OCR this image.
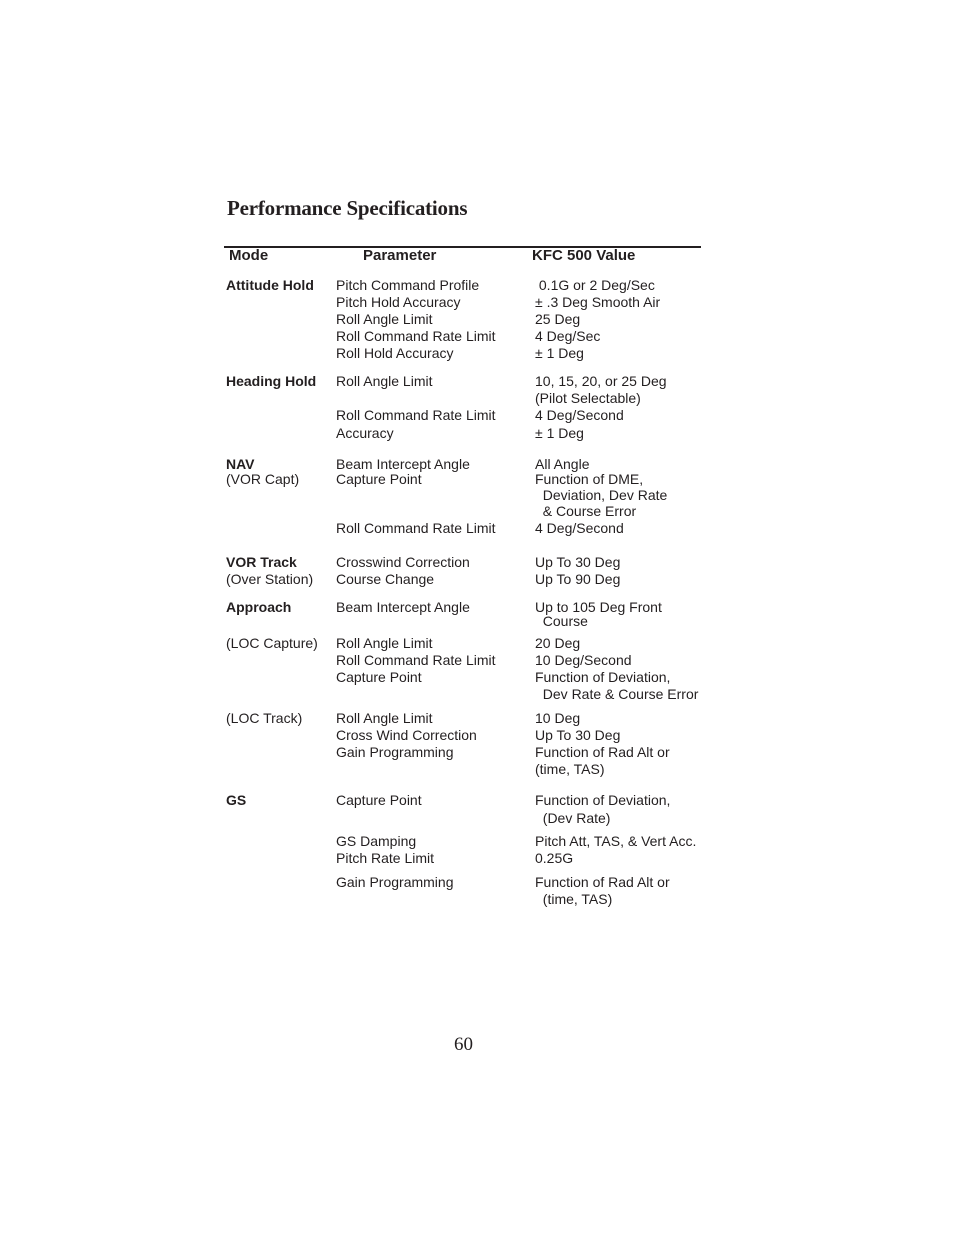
Performance Specifications
Mode	Parameter	KFC 500 Value
Attitude Hold
Heading Hold
NAV
(VOR Capt)
VOR Track
(Over Station)
Approach
(LOC Capture)
(LOC Track)
GS
Pitch Command Profile
Pitch Hold Accuracy
Roll Angle Limit
Roll Command Rate Limit
Roll Hold Accuracy
Roll Angle Limit
Roll Command Rate Limit
Accuracy
Beam Intercept Angle
Capture Point
Roll Command Rate Limit
Crosswind Correction
Course Change
Beam Intercept Angle
Roll Angle Limit
Roll Command Rate Limit
Capture Point
Roll Angle Limit
Cross Wind Correction
Gain Programming
Capture Point
GS Damping
Pitch Rate Limit
Gain Programming
0.1G or 2 Deg/Sec
± .3 Deg Smooth Air
25 Deg
4 Deg/Sec
± 1 Deg
10, 15, 20, or 25 Deg
(Pilot Selectable)
4 Deg/Second
± 1 Deg
All Angle
Function of DME,
Deviation, Dev Rate
& Course Error
4 Deg/Second
Up To 30 Deg
Up To 90 Deg
Up to 105 Deg Front
Course
20 Deg
10 Deg/Second
Function of Deviation,
Dev Rate & Course Error
10 Deg
Up To 30 Deg
Function of Rad Alt or
(time, TAS)
Function of Deviation,
(Dev Rate)
Pitch Att, TAS, & Vert Acc.
0.25G
Function of Rad Alt or
(time, TAS)
60
